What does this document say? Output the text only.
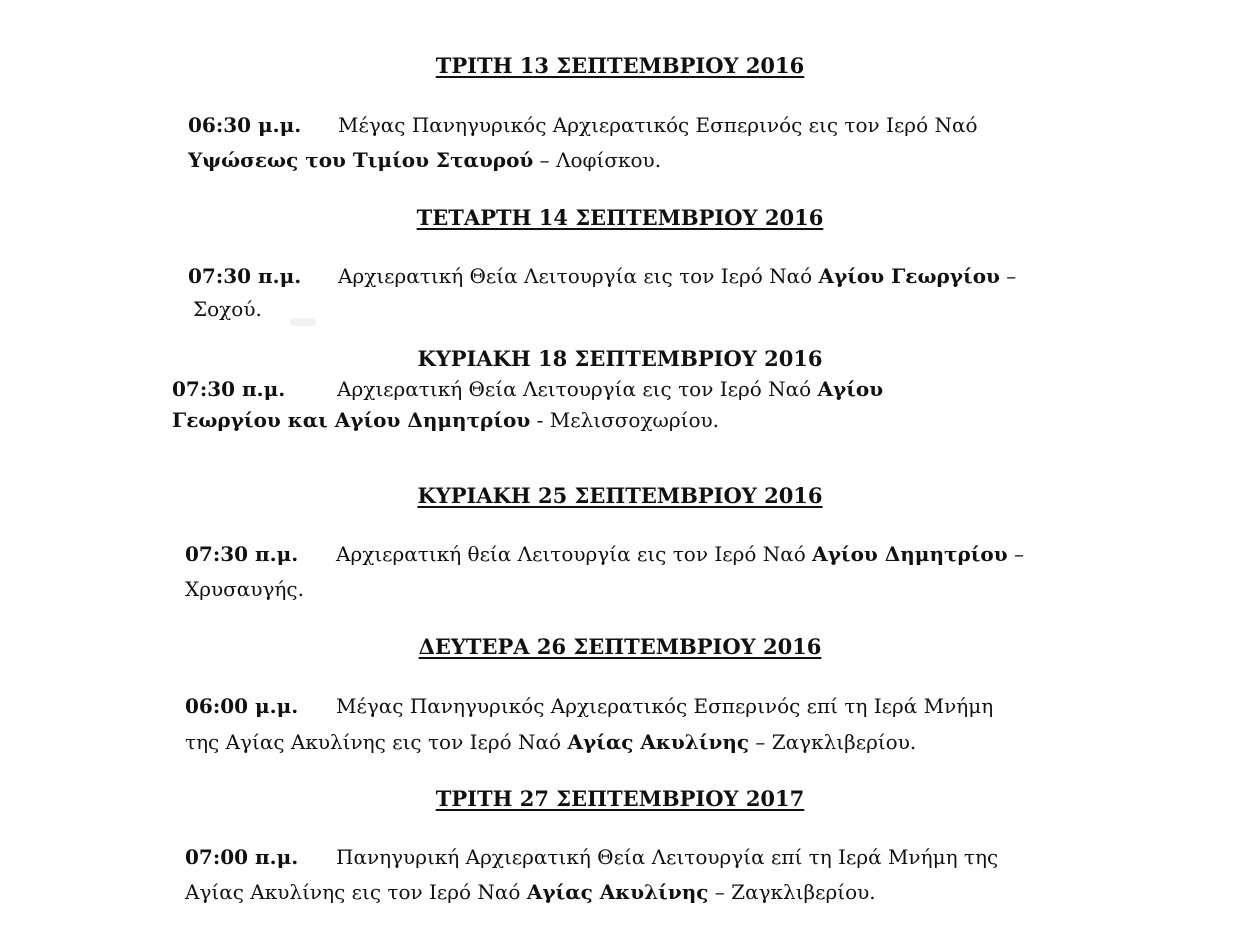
ΤΡΙΤΗ 13 ΣΕΠΤΕΜΒΡΙΟΥ 2016
06:30 μ.μ. Μέγας Πανηγυρικός Αρχιερατικός Εσπερινός εις τον Ιερό Ναό
Υψώσεως του Τιμίου Σταυρού – Λοφίσκου.
ΤΕΤΑΡΤΗ 14 ΣΕΠΤΕΜΒΡΙΟΥ 2016
07:30 π.μ. Αρχιερατική Θεία Λειτουργία εις τον Ιερό Ναό Αγίου Γεωργίου –
Σοχού.
ΚΥΡΙΑΚΗ 18 ΣΕΠΤΕΜΒΡΙΟΥ 2016
07:30 π.μ.	Αρχιερατική Θεία Λειτουργία εις τον Ιερό Ναό Αγίου
Γεωργίου και Αγίου Δημητρίου - Μελισσοχωρίου.
ΚΥΡΙΑΚΗ 25 ΣΕΠΤΕΜΒΡΙΟΥ 2016
07:30 π.μ. Αρχιερατική θεία Λειτουργία εις τον Ιερό Ναό Αγίου Δημητρίου –
Χρυσαυγής.
ΔΕΥΤΕΡΑ 26 ΣΕΠΤΕΜΒΡΙΟΥ 2016
06:00 μ.μ. Μέγας Πανηγυρικός Αρχιερατικός Εσπερινός επί τη Ιερά Μνήμη
της Αγίας Ακυλίνης εις τον Ιερό Ναό Αγίας Ακυλίνης – Ζαγκλιβερίου.
ΤΡΙΤΗ 27 ΣΕΠΤΕΜΒΡΙΟΥ 2017
07:00 π.μ. Πανηγυρική Αρχιερατική Θεία Λειτουργία επί τη Ιερά Μνήμη της
Αγίας Ακυλίνης εις τον Ιερό Ναό Αγίας Ακυλίνης – Ζαγκλιβερίου.
